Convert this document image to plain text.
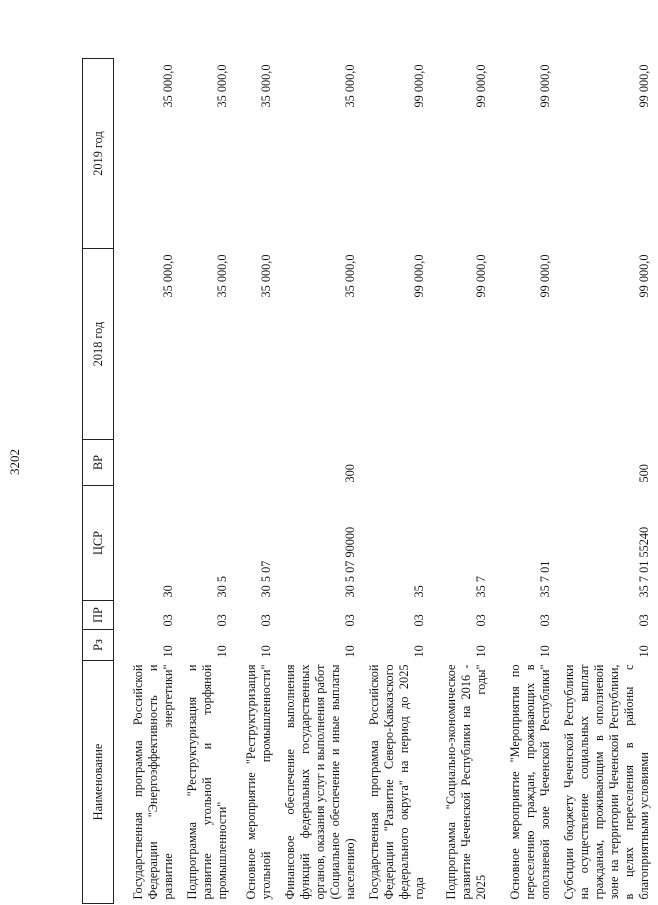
3202
Наименование	Рз	ПР	ЦСР	ВР	2018 год	2019 год
Государственная программа Российской Федерации "Энергоэффективность и развитие энергетики"	10	03	30		35 000,0	35 000,0
Подпрограмма "Реструктуризация и развитие угольной и торфяной промышленности"	10	03	30 5		35 000,0	35 000,0
Основное мероприятие "Реструктуризация угольной промышленности"	10	03	30 5 07		35 000,0	35 000,0
Финансовое обеспечение выполнения функций федеральных государственных органов, оказания услуг и выполнения работ (Социальное обеспечение и иные выплаты населению)	10	03	30 5 07 90000	300	35 000,0	35 000,0
Государственная программа Российской Федерации "Развитие Северо-Кавказского федерального округа" на период до 2025 года	10	03	35		99 000,0	99 000,0
Подпрограмма "Социально-экономическое развитие Чеченской Республики на 2016 - 2025 годы"	10	03	35 7		99 000,0	99 000,0
Основное мероприятие "Мероприятия по переселению граждан, проживающих в оползневой зоне Чеченской Республики"	10	03	35 7 01		99 000,0	99 000,0
Субсидии бюджету Чеченской Республики на осуществление социальных выплат гражданам, проживающим в оползневой зоне на территории Чеченской Республики, в целях переселения в районы с благоприятными условиями	10	03	35 7 01 55240	500	99 000,0	99 000,0
